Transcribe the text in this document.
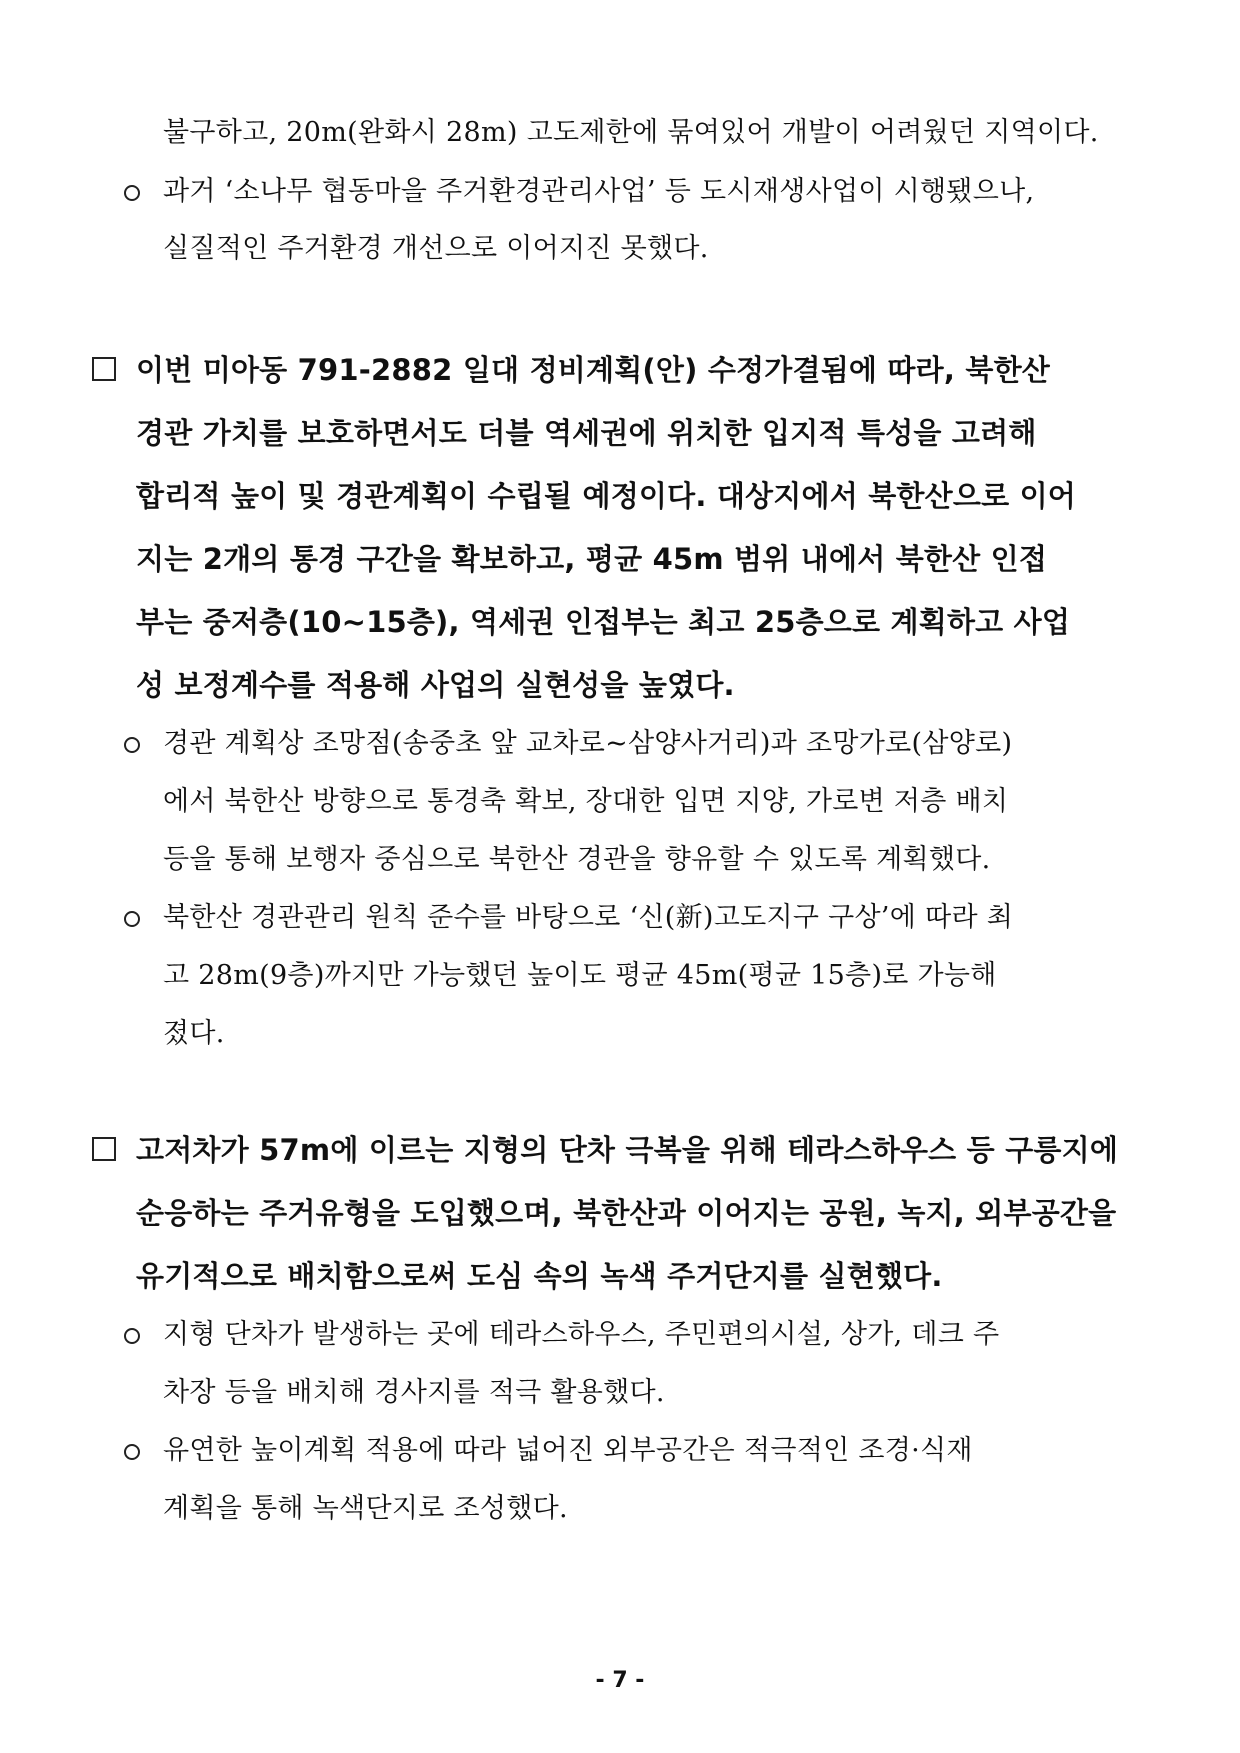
불구하고, 20m(완화시 28m) 고도제한에 묶여있어 개발이 어려웠던 지역이다.
과거 ‘소나무 협동마을 주거환경관리사업’ 등 도시재생사업이 시행됐으나,
실질적인 주거환경 개선으로 이어지진 못했다.
이번 미아동 791-2882 일대 정비계획(안) 수정가결됨에 따라, 북한산
경관 가치를 보호하면서도 더블 역세권에 위치한 입지적 특성을 고려해
합리적 높이 및 경관계획이 수립될 예정이다. 대상지에서 북한산으로 이어
지는 2개의 통경 구간을 확보하고, 평균 45m 범위 내에서 북한산 인접
부는 중저층(10~15층), 역세권 인접부는 최고 25층으로 계획하고 사업
성 보정계수를 적용해 사업의 실현성을 높였다.
경관 계획상 조망점(송중초 앞 교차로~삼양사거리)과 조망가로(삼양로)
에서 북한산 방향으로 통경축 확보, 장대한 입면 지양, 가로변 저층 배치
등을 통해 보행자 중심으로 북한산 경관을 향유할 수 있도록 계획했다.
북한산 경관관리 원칙 준수를 바탕으로 ‘신(新)고도지구 구상’에 따라 최
고 28m(9층)까지만 가능했던 높이도 평균 45m(평균 15층)로 가능해
졌다.
고저차가 57m에 이르는 지형의 단차 극복을 위해 테라스하우스 등 구릉지에
순응하는 주거유형을 도입했으며, 북한산과 이어지는 공원, 녹지, 외부공간을
유기적으로 배치함으로써 도심 속의 녹색 주거단지를 실현했다.
지형 단차가 발생하는 곳에 테라스하우스, 주민편의시설, 상가, 데크 주
차장 등을 배치해 경사지를 적극 활용했다.
유연한 높이계획 적용에 따라 넓어진 외부공간은 적극적인 조경·식재
계획을 통해 녹색단지로 조성했다.
- 7 -
